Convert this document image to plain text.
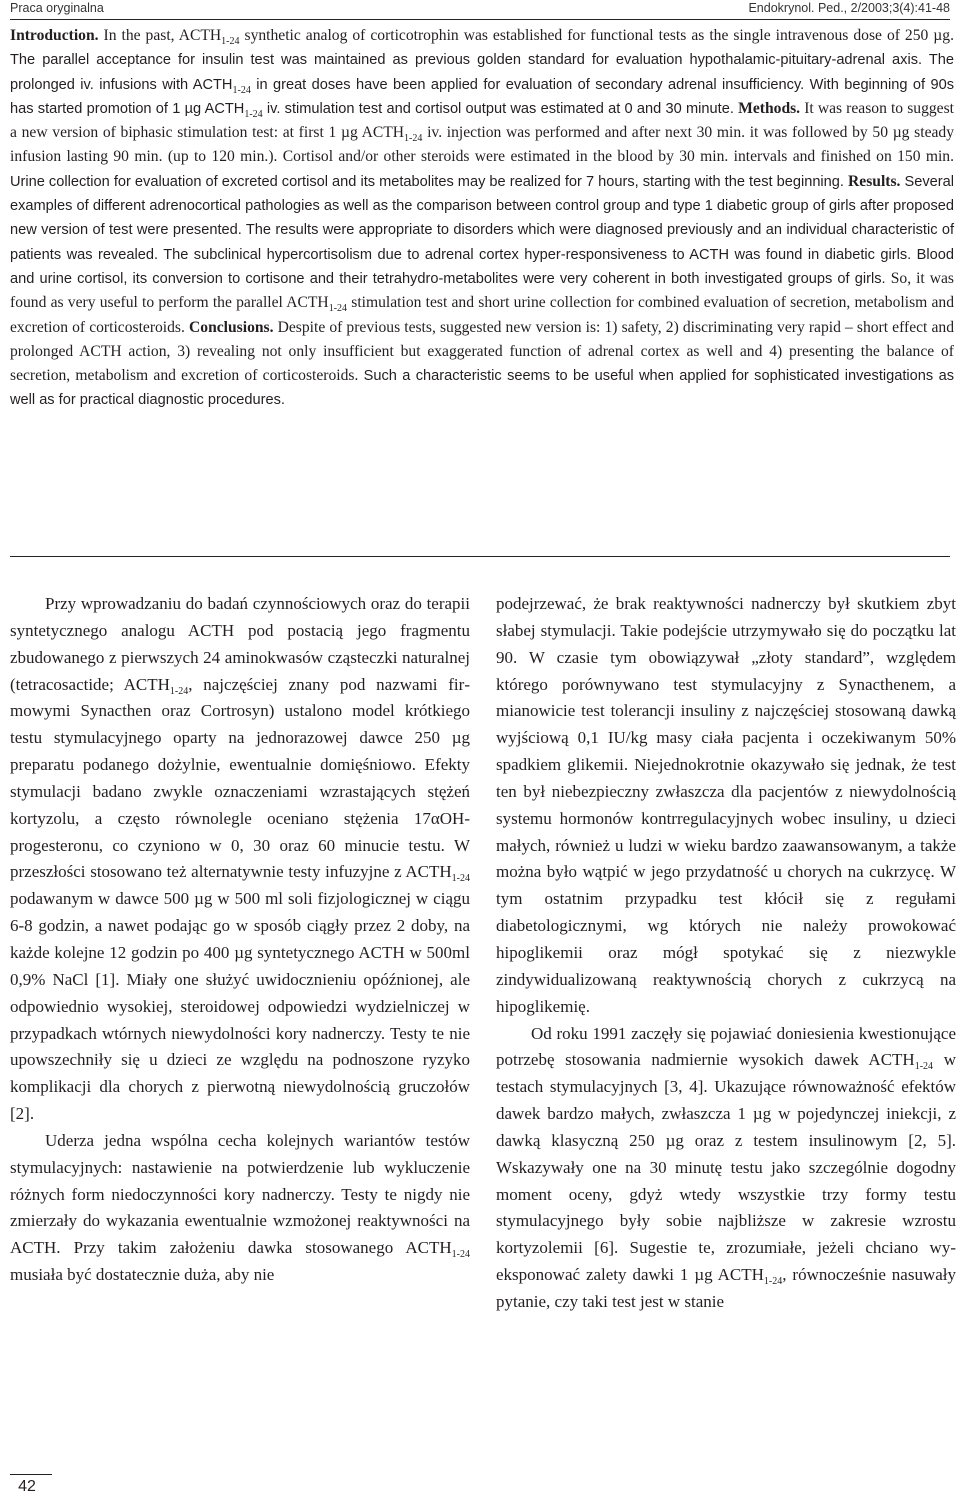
Praca oryginalna	Endokrynol. Ped., 2/2003;3(4):41-48

Introduction. In the past, $ACTH_{1-24}$ synthetic analog of corticotrophin was established for functional tests as the single intravenous dose of 250 µg. The parallel acceptance for insulin test was maintained as previous golden standard for evaluation hypothalamic-pituitary-adrenal axis. The prolonged iv. infusions with $ACTH_{1-24}$ in great doses have been applied for evaluation of secondary adrenal insufficiency. With beginning of 90s has started promotion of 1 µg $ACTH_{1-24}$ iv. stimulation test and cortisol output was estimated at 0 and 30 minute. Methods. It was reason to suggest a new version of biphasic stimulation test: at first 1 µg $ACTH_{1-24}$ iv. injection was performed and after next 30 min. it was followed by 50 µg steady infusion lasting 90 min. (up to 120 min.). Cortisol and/or other steroids were estimated in the blood by 30 min. intervals and finished on 150 min. Urine collection for evaluation of excreted cortisol and its metabolites may be realized for 7 hours, starting with the test beginning. Results. Several examples of different adrenocortical pathologies as well as the comparison between control group and type 1 diabetic group of girls after proposed new version of test were presented. The results were appropriate to disorders which were diagnosed previously and an individual characteristic of patients was revealed. The subclinical hypercortisolism due to adrenal cortex hyper-responsiveness to ACTH was found in diabetic girls. Blood and urine cortisol, its conversion to cortisone and their tetrahydro-metabolites were very coherent in both investigated groups of girls. So, it was found as very useful to perform the parallel $ACTH_{1-24}$ stimulation test and short urine collection for combined evaluation of secretion, metabolism and excretion of corticosteroids. Conclusions. Despite of previous tests, suggested new version is: 1) safety, 2) discriminating very rapid – short effect and prolonged ACTH action, 3) revealing not only insufficient but exaggerated function of adrenal cortex as well and 4) presenting the balance of secretion, metabolism and excretion of corticosteroids. Such a characteristic seems to be useful when applied for sophisticated investigations as well as for practical diagnostic procedures.

Przy wprowadzaniu do badań czynnościowych oraz do terapii syntetycznego analogu ACTH pod postacią jego fragmentu zbudowanego z pierwszych 24 aminokwasów cząsteczki naturalnej (tetracosactide; $ACTH_{1-24}$, najczęściej znany pod nazwami firmowymi Synacthen oraz Cortrosyn) ustalono model krótkiego testu stymulacyjnego oparty na jednorazowej dawce 250 µg preparatu podanego dożylnie, ewentualnie domięśniowo. Efekty stymulacji badano zwykle oznaczeniami wzrastających stężeń kortyzolu, a często równolegle oceniano stężenia 17αOH-progesteronu, co czyniono w 0, 30 oraz 60 minucie testu. W przeszłości stosowano też alternatywnie testy infuzyjne z $ACTH_{1-24}$ podawanym w dawce 500 µg w 500 ml soli fizjologicznej w ciągu 6-8 godzin, a nawet podając go w sposób ciągły przez 2 doby, na każde kolejne 12 godzin po 400 µg syntetycznego ACTH w 500ml 0,9% NaCl [1]. Miały one służyć uwidocznieniu opóźnionej, ale odpowiednio wysokiej, steroidowej odpowiedzi wydzielniczej w przypadkach wtórnych niewydolności kory nadnerczy. Testy te nie upowszechniły się u dzieci ze względu na podnoszone ryzyko komplikacji dla chorych z pierwotną niewydolnością gruczołów [2].

Uderza jedna wspólna cecha kolejnych wariantów testów stymulacyjnych: nastawienie na potwierdzenie lub wykluczenie różnych form niedoczynności kory nadnerczy. Testy te nigdy nie zmierzały do wykazania ewentualnie wzmożonej reaktywności na ACTH. Przy takim założeniu dawka stosowanego $ACTH_{1-24}$ musiała być dostatecznie duża, aby nie

podejrzewać, że brak reaktywności nadnerczy był skutkiem zbyt słabej stymulacji. Takie podejście utrzymywało się do początku lat 90. W czasie tym obowiązywał „złoty standard”, względem którego porównywano test stymulacyjny z Synacthenem, a mianowicie test tolerancji insuliny z najczęściej stosowaną dawką wyjściową 0,1 IU/kg masy ciała pacjenta i oczekiwanym 50% spadkiem glikemii. Niejednokrotnie okazywało się jednak, że test ten był niebezpieczny zwłaszcza dla pacjentów z niewydolnością systemu hormonów kontrregulacyjnych wobec insuliny, u dzieci małych, również u ludzi w wieku bardzo zaawansowanym, a także można było wątpić w jego przydatność u chorych na cukrzycę. W tym ostatnim przypadku test kłócił się z regułami diabetologicznymi, wg których nie należy prowokować hipoglikemii oraz mógł spotykać się z niezwykle zindywidualizowaną reaktywnością chorych z cukrzycą na hipoglikemię.

Od roku 1991 zaczęły się pojawiać doniesienia kwestionujące potrzebę stosowania nadmiernie wysokich dawek $ACTH_{1-24}$ w testach stymulacyjnych [3, 4]. Ukazujące równoważność efektów dawek bardzo małych, zwłaszcza 1 µg w pojedynczej iniekcji, z dawką klasyczną 250 µg oraz z testem insulinowym [2, 5]. Wskazywały one na 30 minutę testu jako szczególnie dogodny moment oceny, gdyż wtedy wszystkie trzy formy testu stymulacyjnego były sobie najbliższe w zakresie wzrostu kortyzolemii [6]. Sugestie te, zrozumiałe, jeżeli chciano wyeksponować zalety dawki 1 µg $ACTH_{1-24}$, równocześnie nasuwały pytanie, czy taki test jest w stanie

42
